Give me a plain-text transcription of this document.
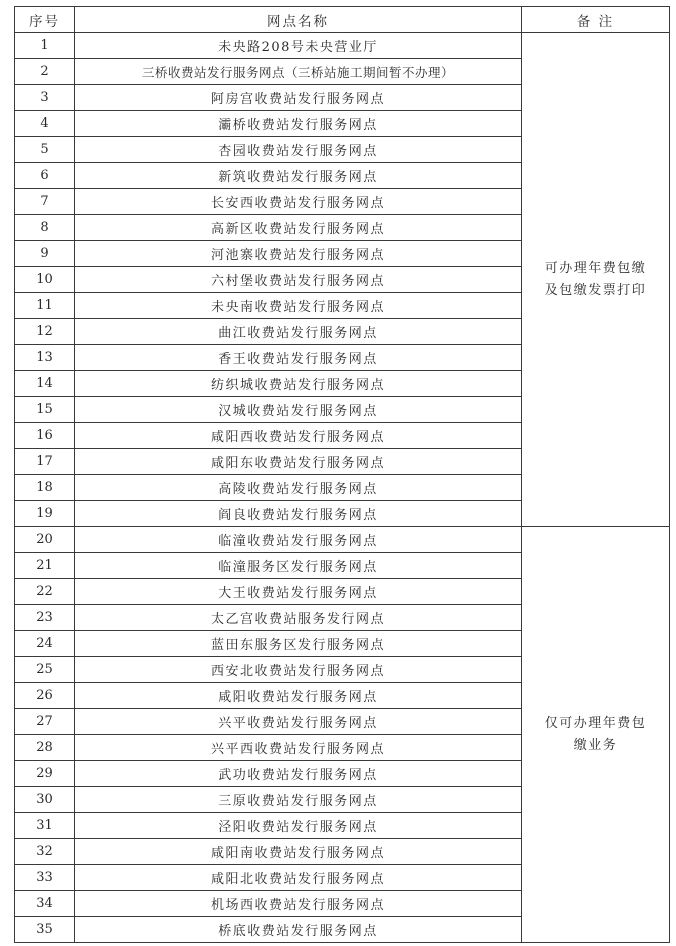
序号	网点名称	备 注
1	未央路208号未央营业厅	可办理年费包缴及包缴发票打印
2	三桥收费站发行服务网点（三桥站施工期间暂不办理）	
3	阿房宫收费站发行服务网点	
4	灞桥收费站发行服务网点	
5	杏园收费站发行服务网点	
6	新筑收费站发行服务网点	
7	长安西收费站发行服务网点	
8	高新区收费站发行服务网点	
9	河池寨收费站发行服务网点	
10	六村堡收费站发行服务网点	
11	未央南收费站发行服务网点	
12	曲江收费站发行服务网点	
13	香王收费站发行服务网点	
14	纺织城收费站发行服务网点	
15	汉城收费站发行服务网点	
16	咸阳西收费站发行服务网点	
17	咸阳东收费站发行服务网点	
18	高陵收费站发行服务网点	
19	阎良收费站发行服务网点	
20	临潼收费站发行服务网点	仅可办理年费包缴业务
21	临潼服务区发行服务网点	
22	大王收费站发行服务网点	
23	太乙宫收费站服务发行网点	
24	蓝田东服务区发行服务网点	
25	西安北收费站发行服务网点	
26	咸阳收费站发行服务网点	
27	兴平收费站发行服务网点	
28	兴平西收费站发行服务网点	
29	武功收费站发行服务网点	
30	三原收费站发行服务网点	
31	泾阳收费站发行服务网点	
32	咸阳南收费站发行服务网点	
33	咸阳北收费站发行服务网点	
34	机场西收费站发行服务网点	
35	桥底收费站发行服务网点	
